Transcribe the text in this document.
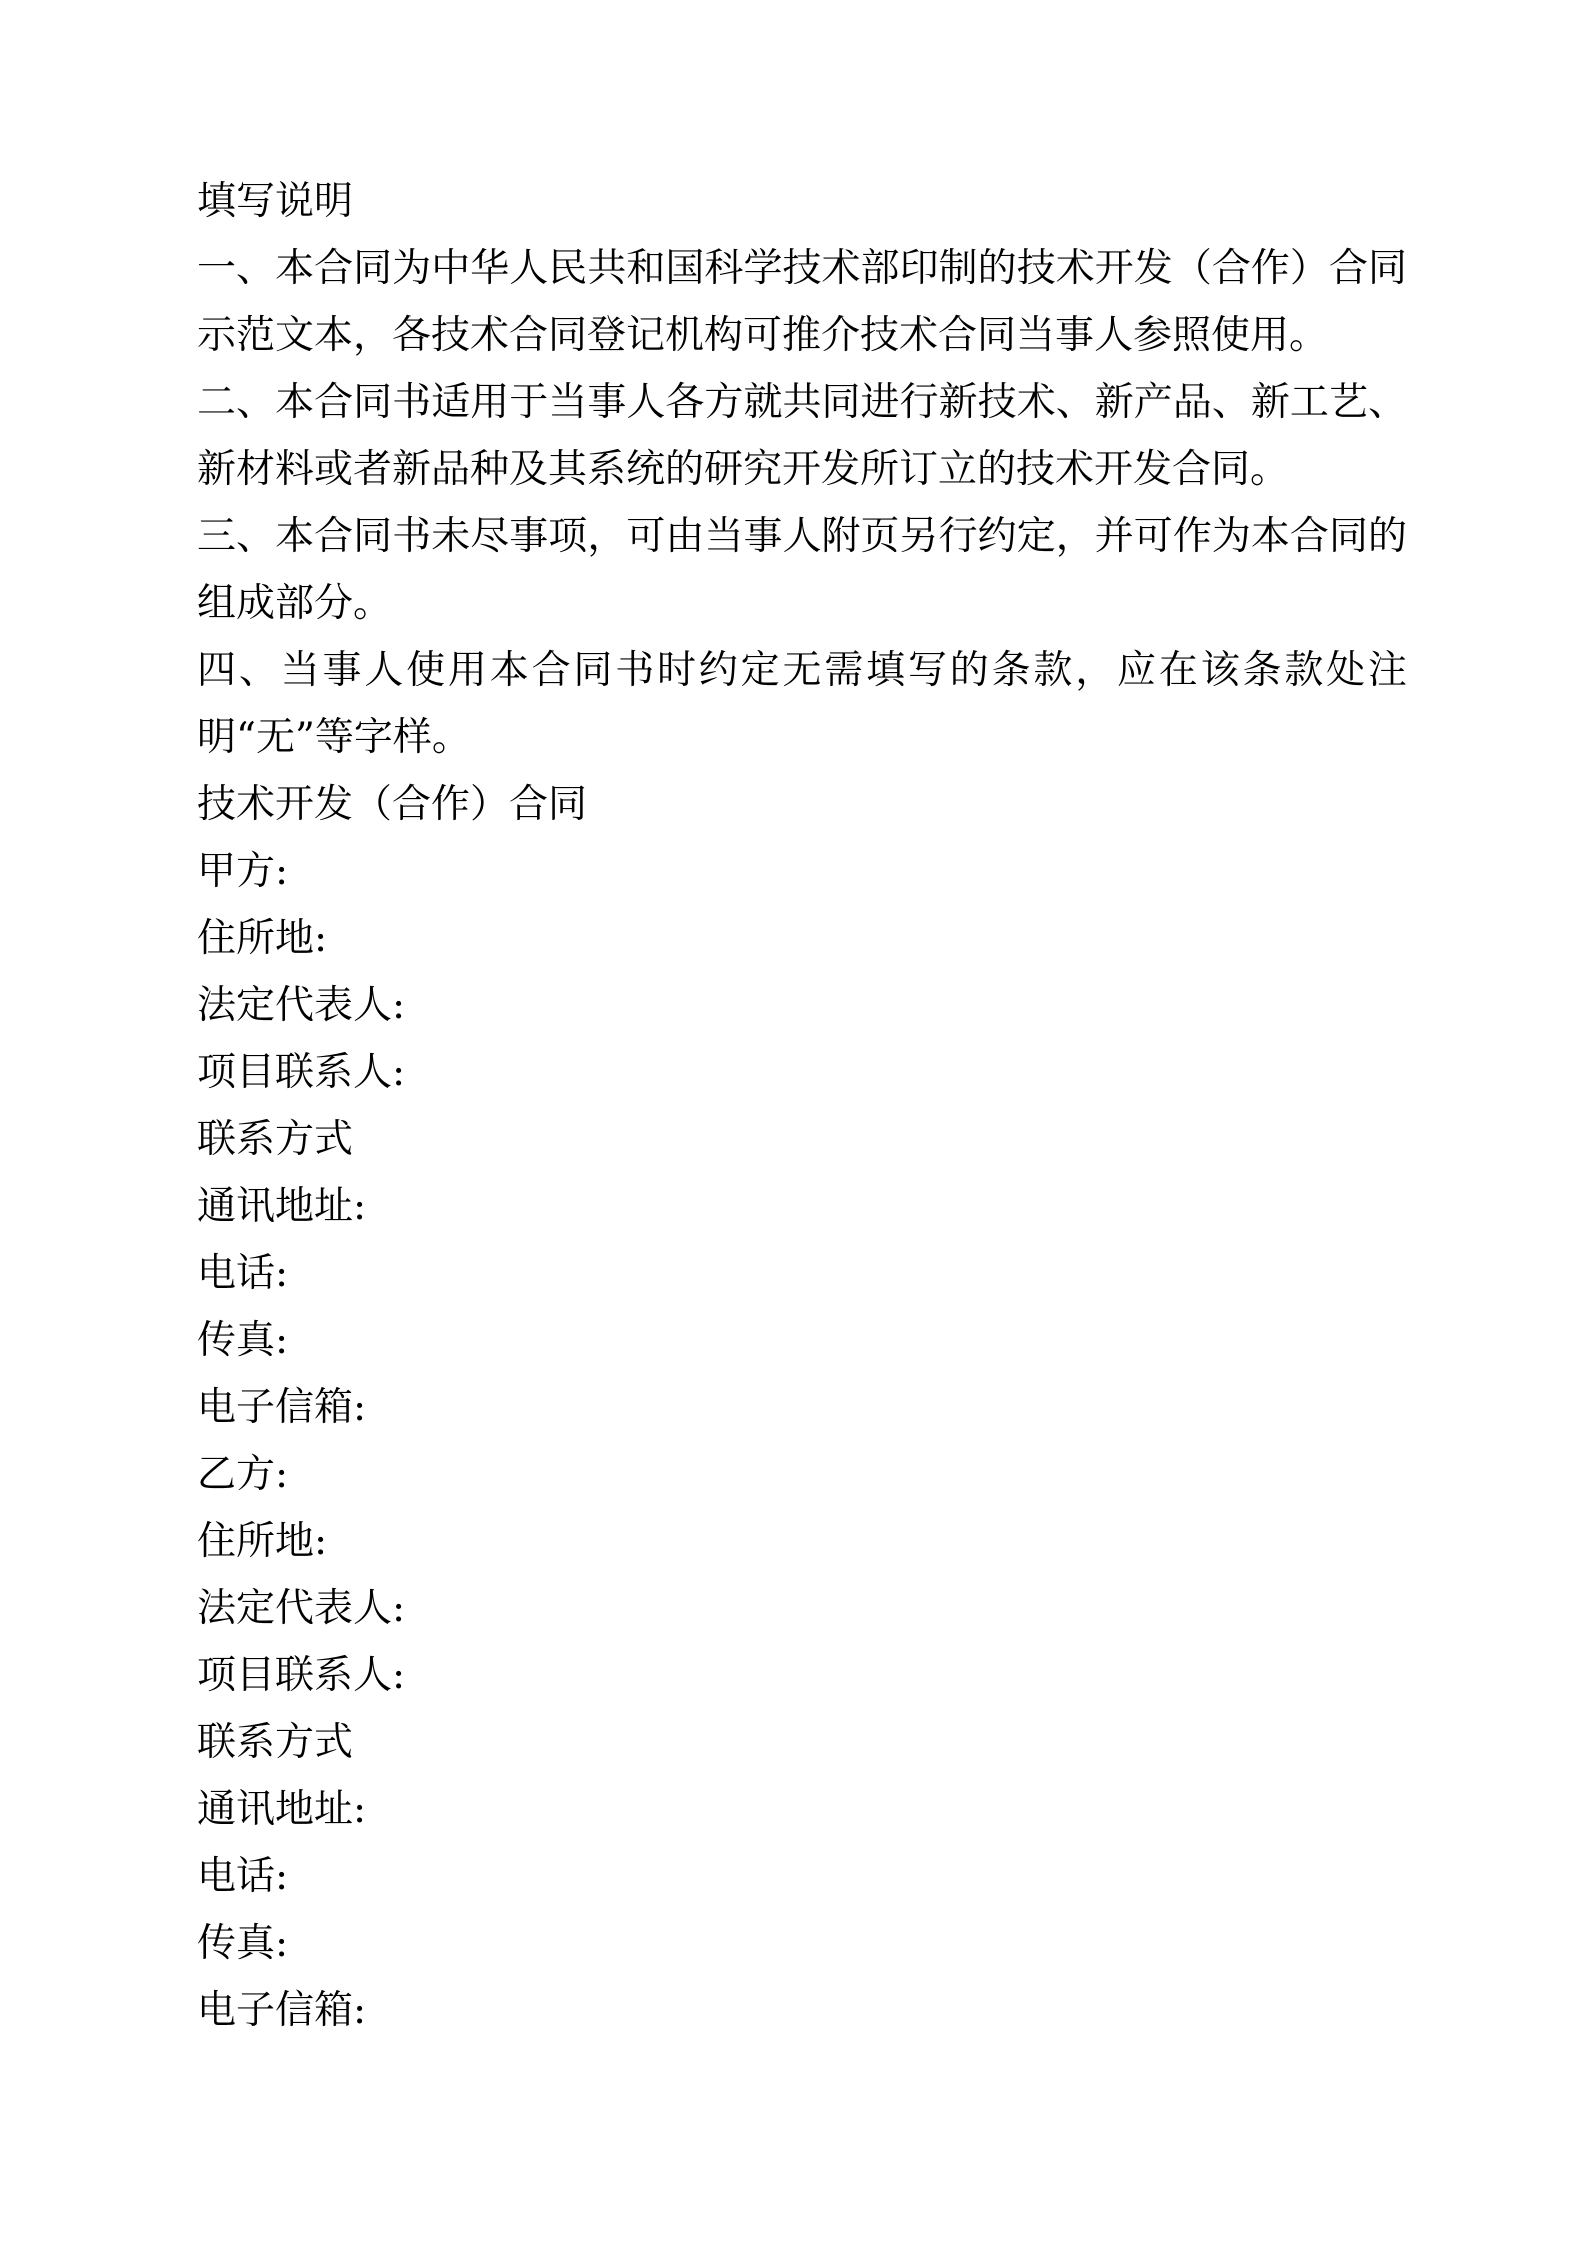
填写说明

一、本合同为中华人民共和国科学技术部印制的技术开发（合作）合同示范文本，各技术合同登记机构可推介技术合同当事人参照使用。

二、本合同书适用于当事人各方就共同进行新技术、新产品、新工艺、新材料或者新品种及其系统的研究开发所订立的技术开发合同。

三、本合同书未尽事项，可由当事人附页另行约定，并可作为本合同的组成部分。

四、当事人使用本合同书时约定无需填写的条款，应在该条款处注明“无”等字样。

技术开发（合作）合同

甲方:

住所地:

法定代表人:

项目联系人:

联系方式

通讯地址:

电话:

传真:

电子信箱:

乙方:

住所地:

法定代表人:

项目联系人:

联系方式

通讯地址:

电话:

传真:

电子信箱:
